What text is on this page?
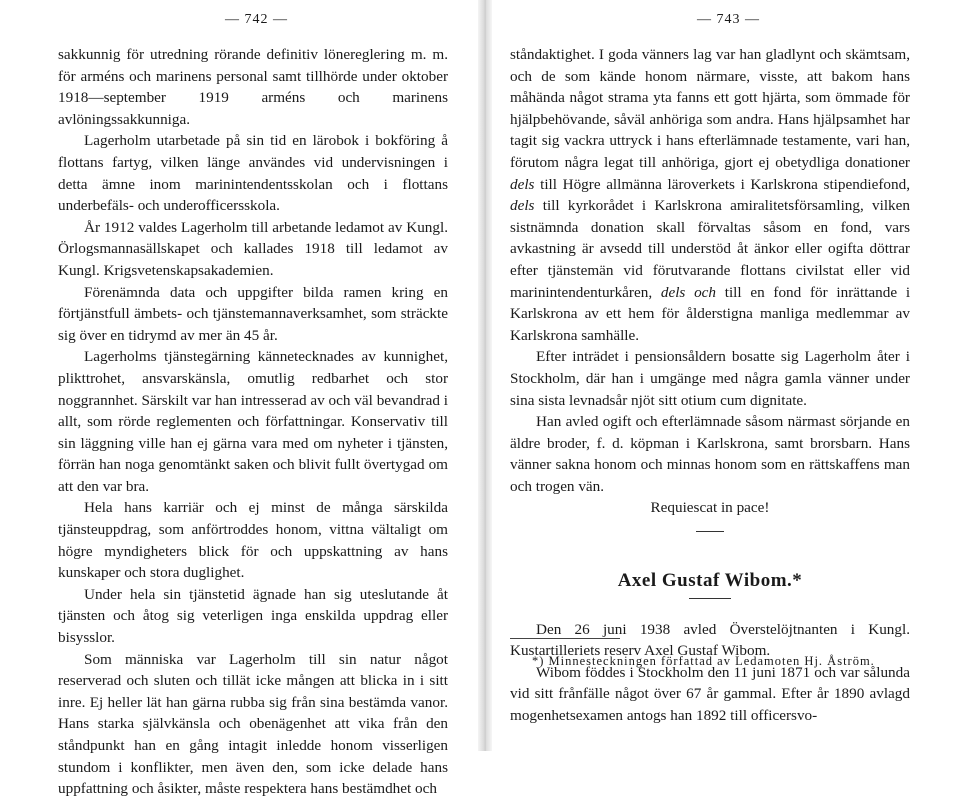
— 742 —

sakkunnig för utredning rörande definitiv lönereglering m. m. för arméns och marinens personal samt tillhörde under oktober 1918—september 1919 arméns och marinens avlöningssakkunniga.

Lagerholm utarbetade på sin tid en lärobok i bokföring å flottans fartyg, vilken länge användes vid undervisningen i detta ämne inom marinintendentsskolan och i flottans underbefäls- och underofficersskola.

År 1912 valdes Lagerholm till arbetande ledamot av Kungl. Örlogsmannasällskapet och kallades 1918 till ledamot av Kungl. Krigsvetenskapsakademien.

Förenämnda data och uppgifter bilda ramen kring en förtjänstfull ämbets- och tjänstemannaverksamhet, som sträckte sig över en tidrymd av mer än 45 år.

Lagerholms tjänstegärning kännetecknades av kunnighet, plikttrohet, ansvarskänsla, omutlig redbarhet och stor noggrannhet. Särskilt var han intresserad av och väl bevandrad i allt, som rörde reglementen och författningar. Konservativ till sin läggning ville han ej gärna vara med om nyheter i tjänsten, förrän han noga genomtänkt saken och blivit fullt övertygad om att den var bra.

Hela hans karriär och ej minst de många särskilda tjänsteuppdrag, som anförtroddes honom, vittna vältaligt om högre myndigheters blick för och uppskattning av hans kunskaper och stora duglighet.

Under hela sin tjänstetid ägnade han sig uteslutande åt tjänsten och åtog sig veterligen inga enskilda uppdrag eller bisysslor.

Som människa var Lagerholm till sin natur något reserverad och sluten och tillät icke mången att blicka in i sitt inre. Ej heller lät han gärna rubba sig från sina bestämda vanor. Hans starka självkänsla och obenägenhet att vika från den ståndpunkt han en gång intagit inledde honom visserligen stundom i konflikter, men även den, som icke delade hans uppfattning och åsikter, måste respektera hans bestämdhet och

— 743 —

ståndaktighet. I goda vänners lag var han gladlynt och skämtsam, och de som kände honom närmare, visste, att bakom hans måhända något strama yta fanns ett gott hjärta, som ömmade för hjälpbehövande, såväl anhöriga som andra. Hans hjälpsamhet har tagit sig vackra uttryck i hans efterlämnade testamente, vari han, förutom några legat till anhöriga, gjort ej obetydliga donationer dels till Högre allmänna läroverkets i Karlskrona stipendiefond, dels till kyrkorådet i Karlskrona amiralitetsförsamling, vilken sistnämnda donation skall förvaltas såsom en fond, vars avkastning är avsedd till understöd åt änkor eller ogifta döttrar efter tjänstemän vid förutvarande flottans civilstat eller vid marinintendenturkåren, dels och till en fond för inrättande i Karlskrona av ett hem för ålderstigna manliga medlemmar av Karlskrona samhälle.

Efter inträdet i pensionsåldern bosatte sig Lagerholm åter i Stockholm, där han i umgänge med några gamla vänner under sina sista levnadsår njöt sitt otium cum dignitate.

Han avled ogift och efterlämnade såsom närmast sörjande en äldre broder, f. d. köpman i Karlskrona, samt brorsbarn. Hans vänner sakna honom och minnas honom som en rättskaffens man och trogen vän.

Requiescat in pace!

Axel Gustaf Wibom.*

Den 26 juni 1938 avled Överstelöjtnanten i Kungl. Kustartilleriets reserv Axel Gustaf Wibom.

Wibom föddes i Stockholm den 11 juni 1871 och var sålunda vid sitt frånfälle något över 67 år gammal. Efter år 1890 avlagd mogenhetsexamen antogs han 1892 till officersvo-

*) Minnesteckningen författad av Ledamoten Hj. Åström.
